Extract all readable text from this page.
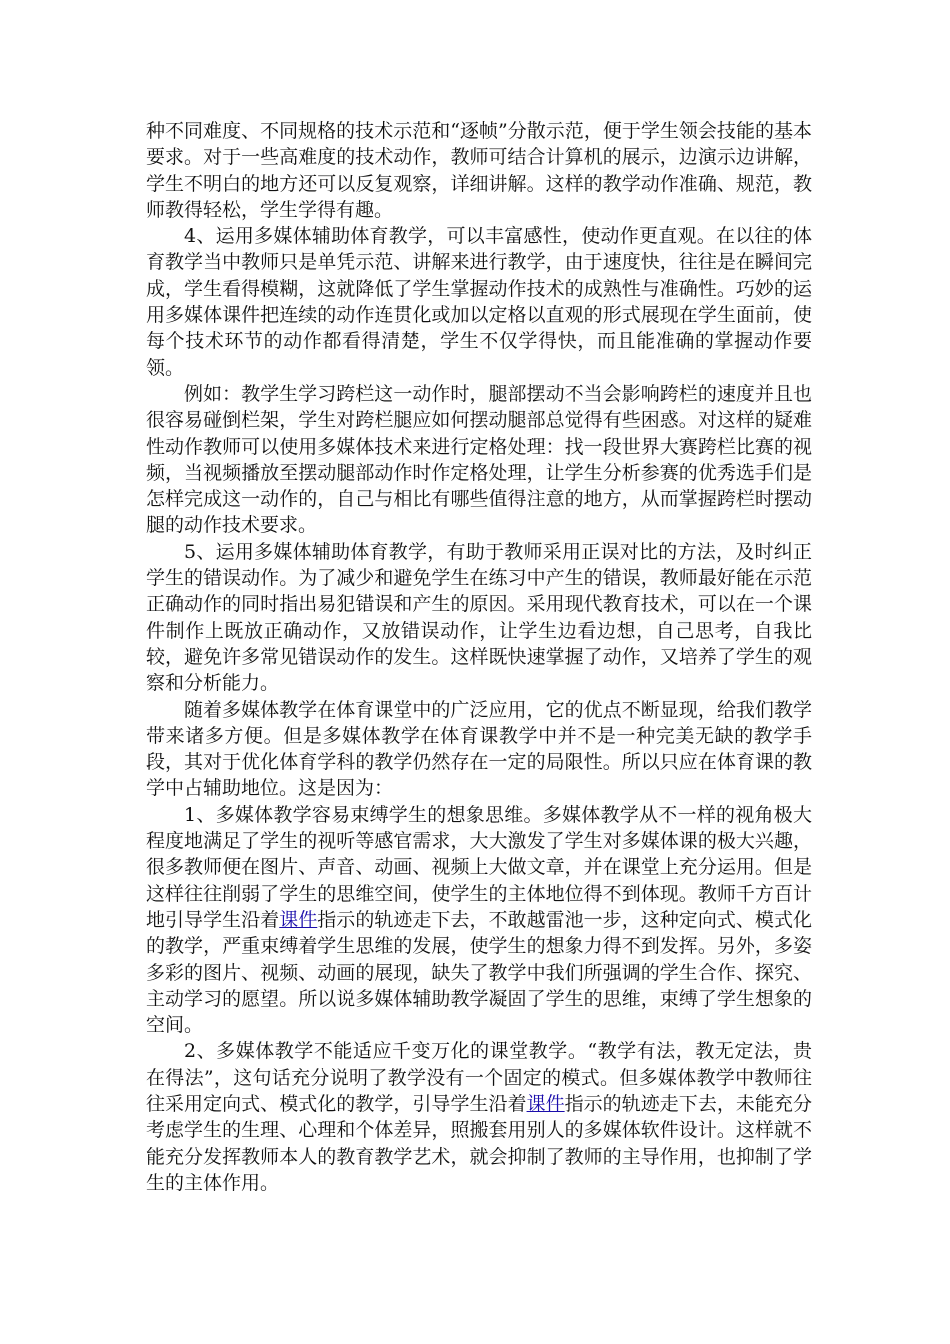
种不同难度、不同规格的技术示范和“逐帧”分散示范，便于学生领会技能的基本要求。对于一些高难度的技术动作，教师可结合计算机的展示，边演示边讲解，学生不明白的地方还可以反复观察，详细讲解。这样的教学动作准确、规范，教师教得轻松，学生学得有趣。

4、运用多媒体辅助体育教学，可以丰富感性，使动作更直观。在以往的体育教学当中教师只是单凭示范、讲解来进行教学，由于速度快，往往是在瞬间完成，学生看得模糊，这就降低了学生掌握动作技术的成熟性与准确性。巧妙的运用多媒体课件把连续的动作连贯化或加以定格以直观的形式展现在学生面前，使每个技术环节的动作都看得清楚，学生不仅学得快，而且能准确的掌握动作要领。

例如：教学生学习跨栏这一动作时，腿部摆动不当会影响跨栏的速度并且也很容易碰倒栏架，学生对跨栏腿应如何摆动腿部总觉得有些困惑。对这样的疑难性动作教师可以使用多媒体技术来进行定格处理：找一段世界大赛跨栏比赛的视频，当视频播放至摆动腿部动作时作定格处理，让学生分析参赛的优秀选手们是怎样完成这一动作的，自己与相比有哪些值得注意的地方，从而掌握跨栏时摆动腿的动作技术要求。

5、运用多媒体辅助体育教学，有助于教师采用正误对比的方法，及时纠正学生的错误动作。为了减少和避免学生在练习中产生的错误，教师最好能在示范正确动作的同时指出易犯错误和产生的原因。采用现代教育技术，可以在一个课件制作上既放正确动作，又放错误动作，让学生边看边想，自己思考，自我比较，避免许多常见错误动作的发生。这样既快速掌握了动作，又培养了学生的观察和分析能力。

随着多媒体教学在体育课堂中的广泛应用，它的优点不断显现，给我们教学带来诸多方便。但是多媒体教学在体育课教学中并不是一种完美无缺的教学手段，其对于优化体育学科的教学仍然存在一定的局限性。所以只应在体育课的教学中占辅助地位。这是因为：

1、多媒体教学容易束缚学生的想象思维。多媒体教学从不一样的视角极大程度地满足了学生的视听等感官需求，大大激发了学生对多媒体课的极大兴趣，很多教师便在图片、声音、动画、视频上大做文章，并在课堂上充分运用。但是这样往往削弱了学生的思维空间，使学生的主体地位得不到体现。教师千方百计地引导学生沿着课件指示的轨迹走下去，不敢越雷池一步，这种定向式、模式化的教学，严重束缚着学生思维的发展，使学生的想象力得不到发挥。另外，多姿多彩的图片、视频、动画的展现，缺失了教学中我们所强调的学生合作、探究、主动学习的愿望。所以说多媒体辅助教学凝固了学生的思维，束缚了学生想象的空间。

2、多媒体教学不能适应千变万化的课堂教学。“教学有法，教无定法，贵在得法”，这句话充分说明了教学没有一个固定的模式。但多媒体教学中教师往往采用定向式、模式化的教学，引导学生沿着课件指示的轨迹走下去，未能充分考虑学生的生理、心理和个体差异，照搬套用别人的多媒体软件设计。这样就不能充分发挥教师本人的教育教学艺术，就会抑制了教师的主导作用，也抑制了学生的主体作用。
